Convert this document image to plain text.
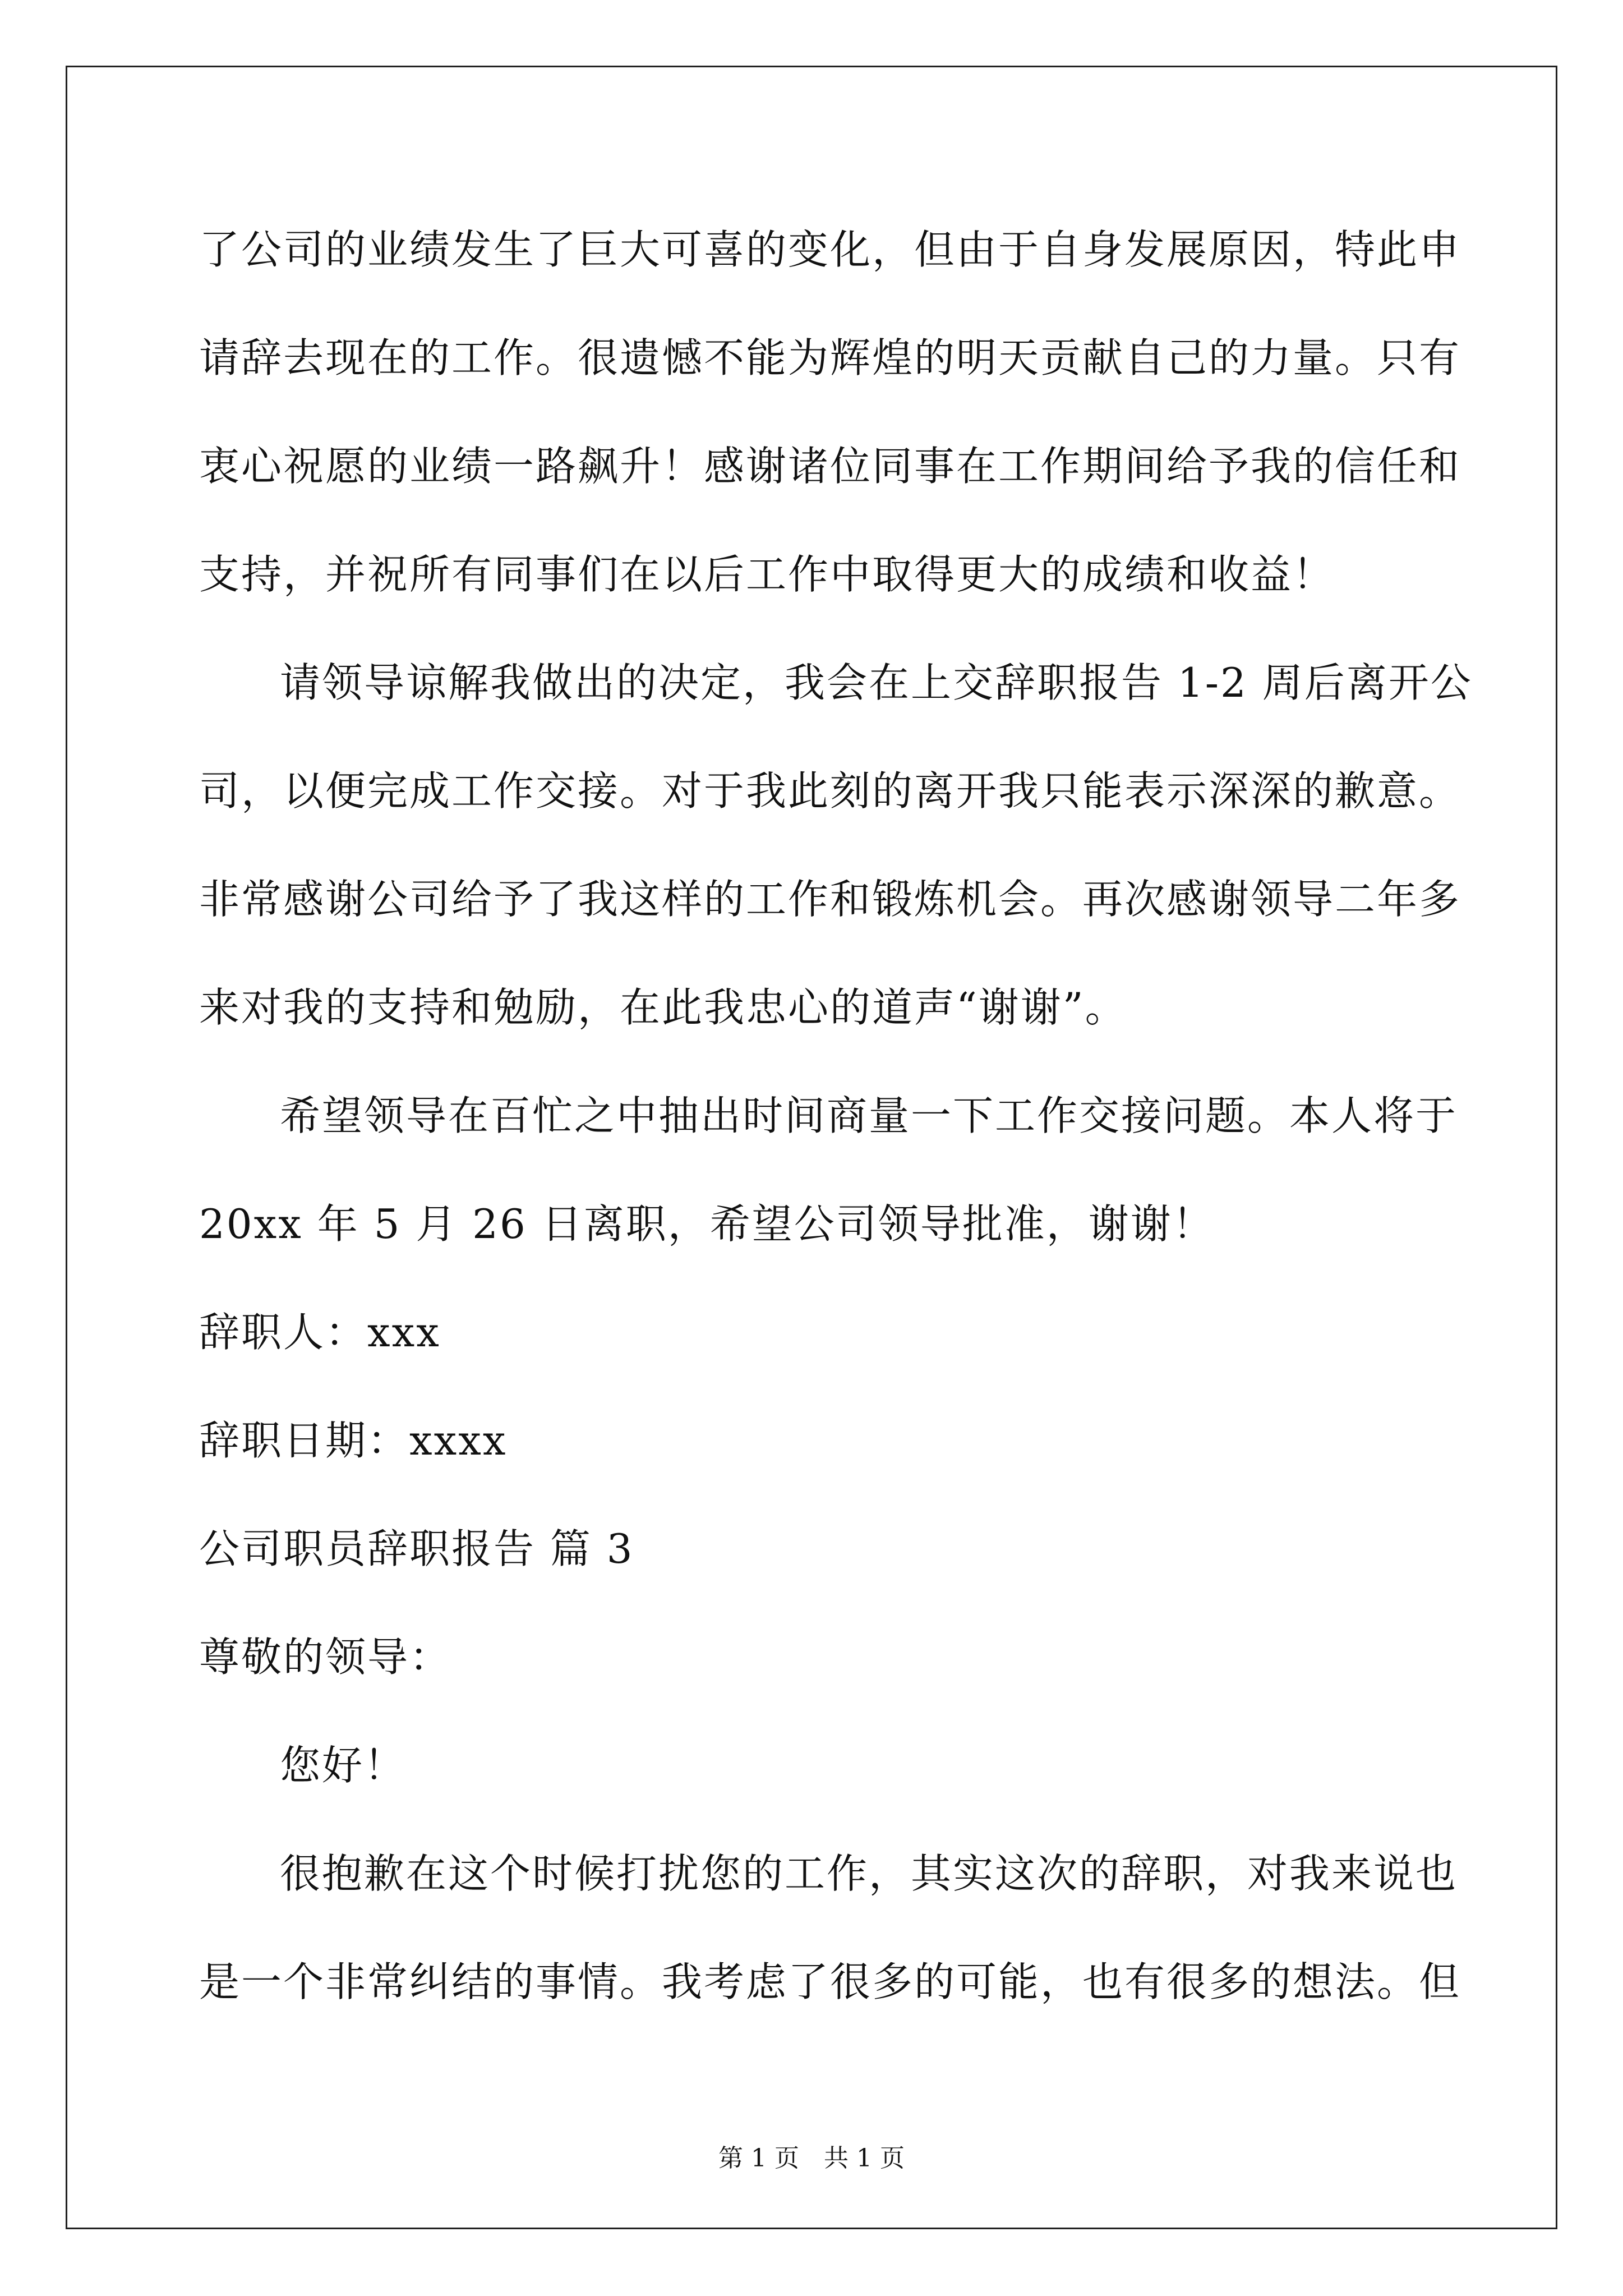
了公司的业绩发生了巨大可喜的变化，但由于自身发展原因，特此申
请辞去现在的工作。很遗憾不能为辉煌的明天贡献自己的力量。只有
衷心祝愿的业绩一路飙升！感谢诸位同事在工作期间给予我的信任和
支持，并祝所有同事们在以后工作中取得更大的成绩和收益！
请领导谅解我做出的决定，我会在上交辞职报告 1-2 周后离开公
司，以便完成工作交接。对于我此刻的离开我只能表示深深的歉意。
非常感谢公司给予了我这样的工作和锻炼机会。再次感谢领导二年多
来对我的支持和勉励，在此我忠心的道声“谢谢”。
希望领导在百忙之中抽出时间商量一下工作交接问题。本人将于
20xx 年 5 月 26 日离职，希望公司领导批准，谢谢！
辞职人：xxx
辞职日期：xxxx
公司职员辞职报告 篇 3
尊敬的领导：
您好！
很抱歉在这个时候打扰您的工作，其实这次的辞职，对我来说也
是一个非常纠结的事情。我考虑了很多的可能，也有很多的想法。但
第 1 页　共 1 页
